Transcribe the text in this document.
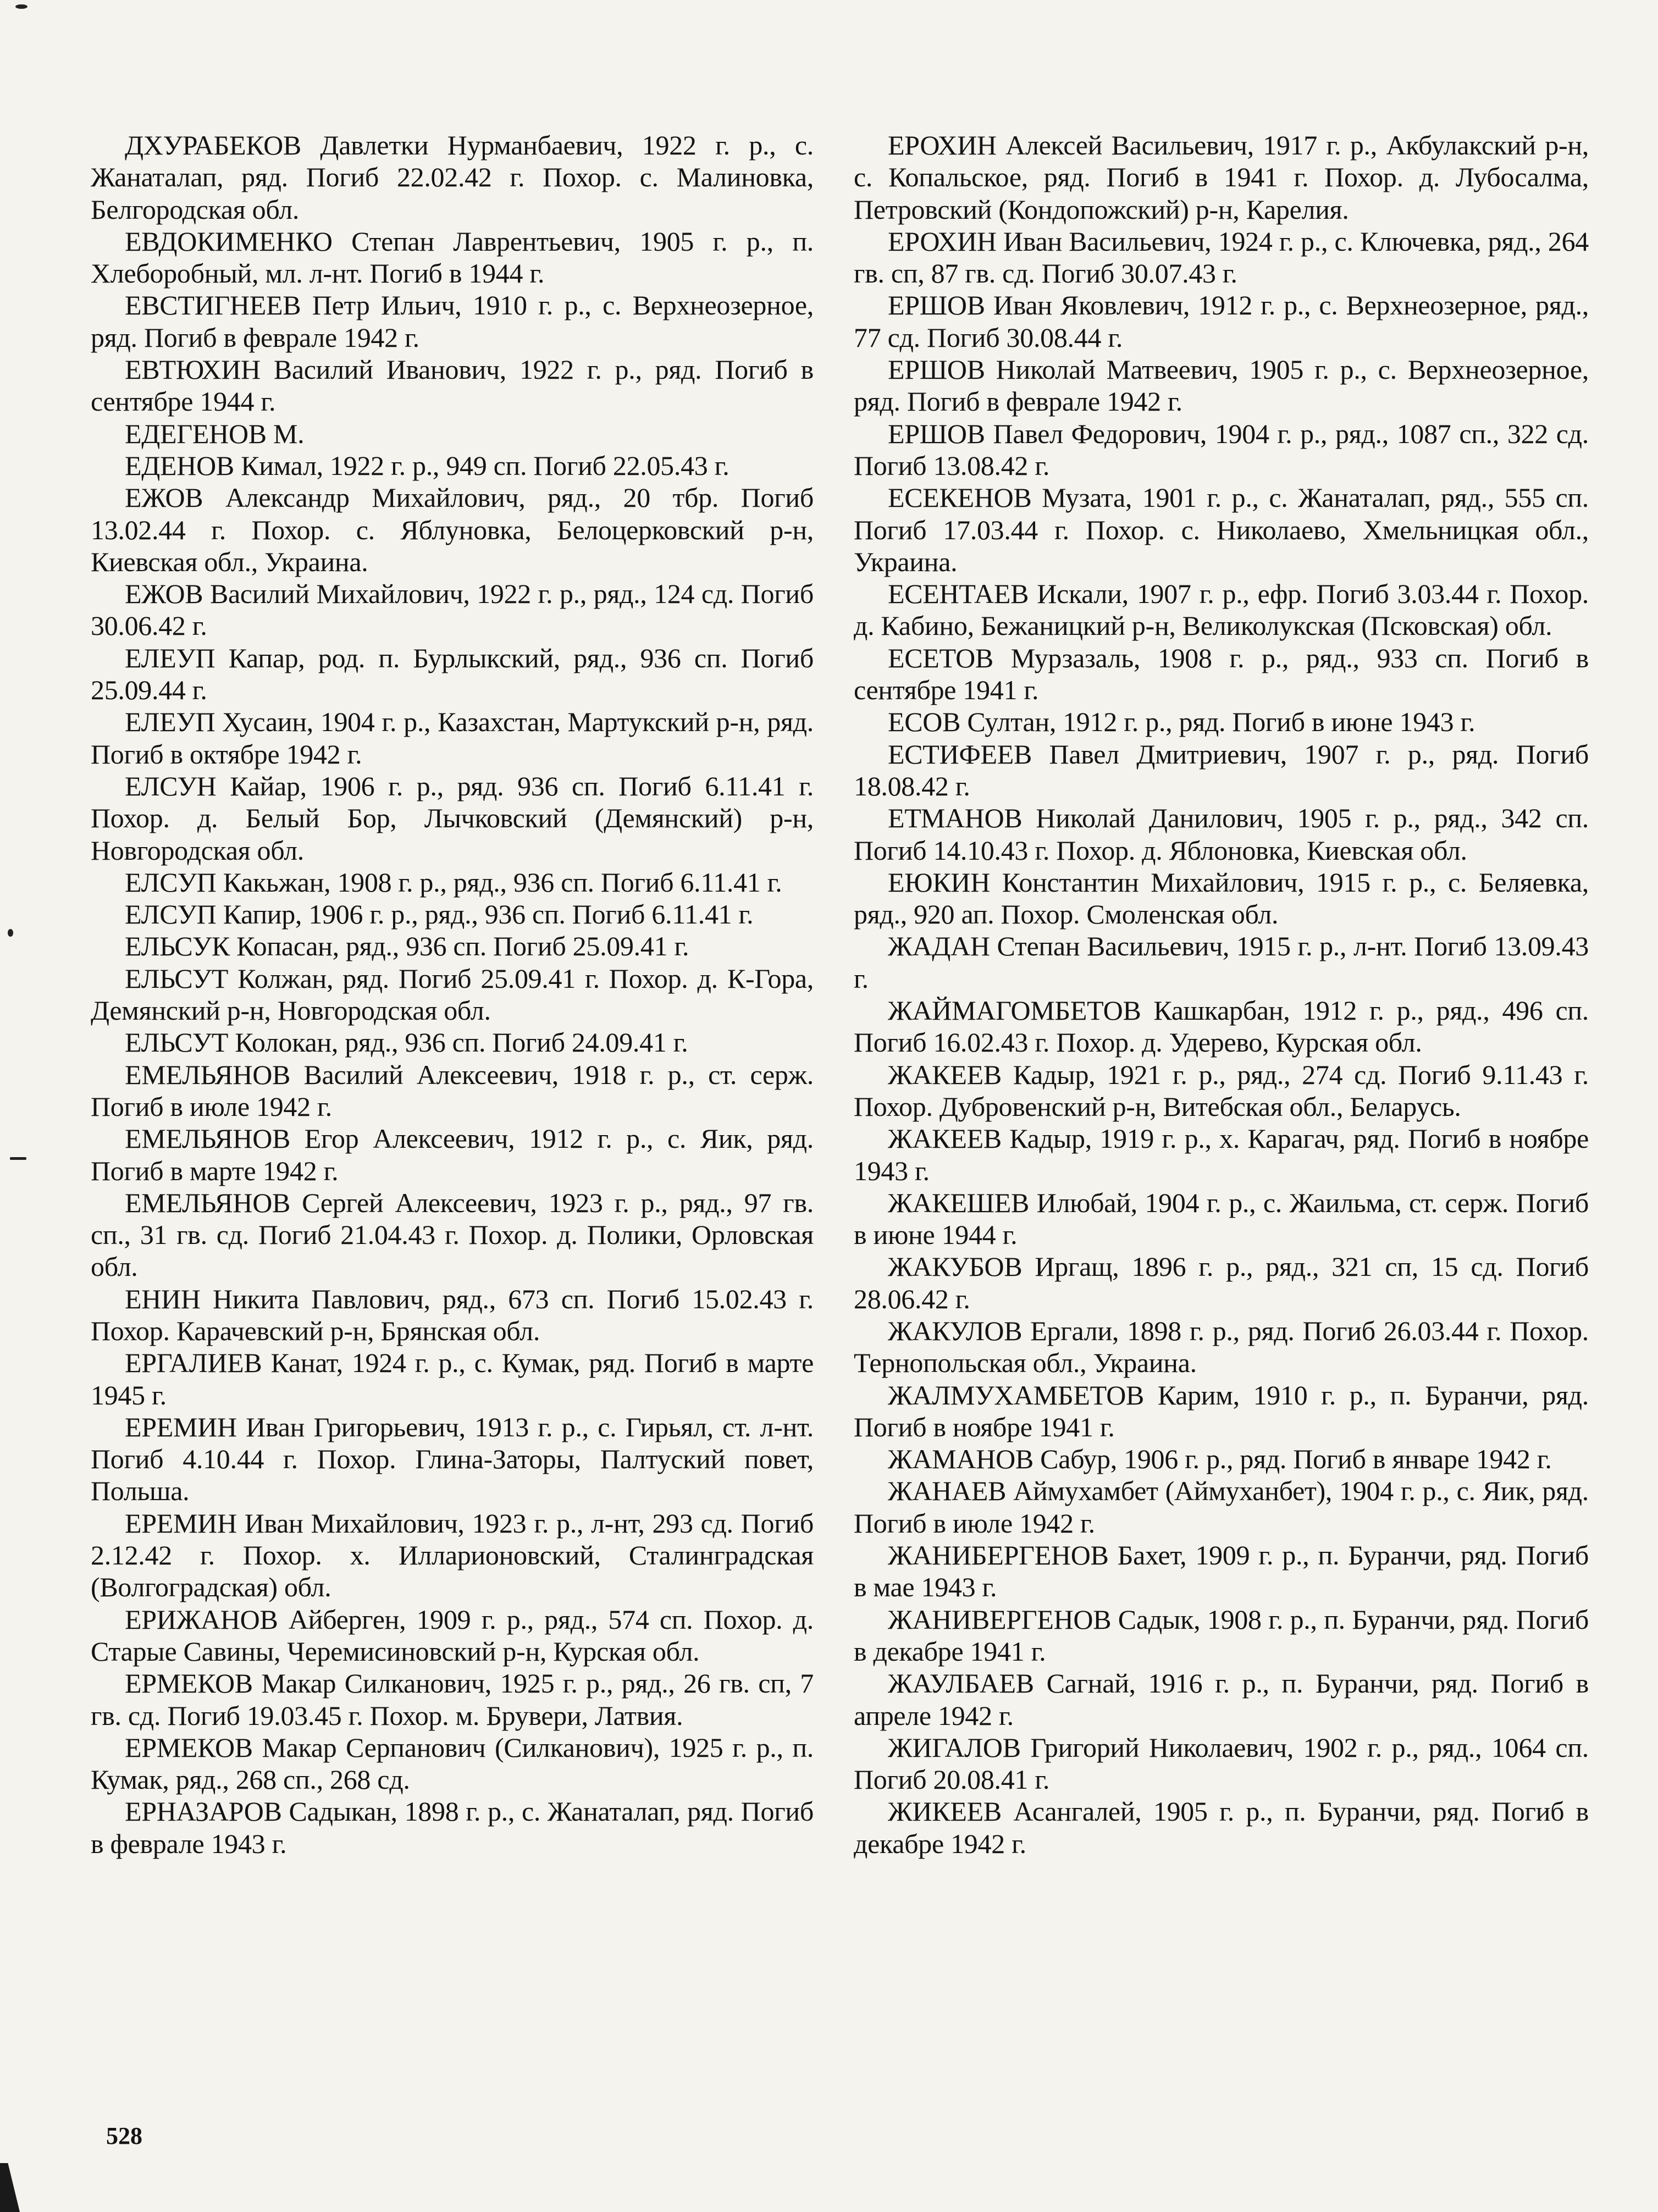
ДХУРАБЕКОВ Давлетки Нурманбаевич, 1922 г. р., с. Жанаталап, ряд. Погиб 22.02.42 г. Похор. с. Малиновка, Белгородская обл.

ЕВДОКИМЕНКО Степан Лаврентьевич, 1905 г. р., п. Хлеборобный, мл. л-нт. Погиб в 1944 г.

ЕВСТИГНЕЕВ Петр Ильич, 1910 г. р., с. Верхнеозерное, ряд. Погиб в феврале 1942 г.

ЕВТЮХИН Василий Иванович, 1922 г. р., ряд. Погиб в сентябре 1944 г.

ЕДЕГЕНОВ М.

ЕДЕНОВ Кимал, 1922 г. р., 949 сп. Погиб 22.05.43 г.

ЕЖОВ Александр Михайлович, ряд., 20 тбр. Погиб 13.02.44 г. Похор. с. Яблуновка, Белоцерковский р-н, Киевская обл., Украина.

ЕЖОВ Василий Михайлович, 1922 г. р., ряд., 124 сд. Погиб 30.06.42 г.

ЕЛЕУП Капар, род. п. Бурлыкский, ряд., 936 сп. Погиб 25.09.44 г.

ЕЛЕУП Хусаин, 1904 г. р., Казахстан, Мартукский р-н, ряд. Погиб в октябре 1942 г.

ЕЛСУН Кайар, 1906 г. р., ряд. 936 сп. Погиб 6.11.41 г. Похор. д. Белый Бор, Лычковский (Демянский) р-н, Новгородская обл.

ЕЛСУП Какьжан, 1908 г. р., ряд., 936 сп. Погиб 6.11.41 г.

ЕЛСУП Капир, 1906 г. р., ряд., 936 сп. Погиб 6.11.41 г.

ЕЛЬСУК Копасан, ряд., 936 сп. Погиб 25.09.41 г.

ЕЛЬСУТ Колжан, ряд. Погиб 25.09.41 г. Похор. д. К-Гора, Демянский р-н, Новгородская обл.

ЕЛЬСУТ Колокан, ряд., 936 сп. Погиб 24.09.41 г.

ЕМЕЛЬЯНОВ Василий Алексеевич, 1918 г. р., ст. серж. Погиб в июле 1942 г.

ЕМЕЛЬЯНОВ Егор Алексеевич, 1912 г. р., с. Яик, ряд. Погиб в марте 1942 г.

ЕМЕЛЬЯНОВ Сергей Алексеевич, 1923 г. р., ряд., 97 гв. сп., 31 гв. сд. Погиб 21.04.43 г. Похор. д. Полики, Орловская обл.

ЕНИН Никита Павлович, ряд., 673 сп. Погиб 15.02.43 г. Похор. Карачевский р-н, Брянская обл.

ЕРГАЛИЕВ Канат, 1924 г. р., с. Кумак, ряд. Погиб в марте 1945 г.

ЕРЕМИН Иван Григорьевич, 1913 г. р., с. Гирьял, ст. л-нт. Погиб 4.10.44 г. Похор. Глина-Заторы, Палтуский повет, Польша.

ЕРЕМИН Иван Михайлович, 1923 г. р., л-нт, 293 сд. Погиб 2.12.42 г. Похор. х. Илларионовский, Сталинградская (Волгоградская) обл.

ЕРИЖАНОВ Айберген, 1909 г. р., ряд., 574 сп. Похор. д. Старые Савины, Черемисиновский р-н, Курская обл.

ЕРМЕКОВ Макар Силканович, 1925 г. р., ряд., 26 гв. сп, 7 гв. сд. Погиб 19.03.45 г. Похор. м. Брувери, Латвия.

ЕРМЕКОВ Макар Серпанович (Силканович), 1925 г. р., п. Кумак, ряд., 268 сп., 268 сд.

ЕРНАЗАРОВ Садыкан, 1898 г. р., с. Жанаталап, ряд. Погиб в феврале 1943 г.

ЕРОХИН Алексей Васильевич, 1917 г. р., Акбулакский р-н, с. Копальское, ряд. Погиб в 1941 г. Похор. д. Лубосалма, Петровский (Кондопожский) р-н, Карелия.

ЕРОХИН Иван Васильевич, 1924 г. р., с. Ключевка, ряд., 264 гв. сп, 87 гв. сд. Погиб 30.07.43 г.

ЕРШОВ Иван Яковлевич, 1912 г. р., с. Верхнеозерное, ряд., 77 сд. Погиб 30.08.44 г.

ЕРШОВ Николай Матвеевич, 1905 г. р., с. Верхнеозерное, ряд. Погиб в феврале 1942 г.

ЕРШОВ Павел Федорович, 1904 г. р., ряд., 1087 сп., 322 сд. Погиб 13.08.42 г.

ЕСЕКЕНОВ Музата, 1901 г. р., с. Жанаталап, ряд., 555 сп. Погиб 17.03.44 г. Похор. с. Николаево, Хмельницкая обл., Украина.

ЕСЕНТАЕВ Искали, 1907 г. р., ефр. Погиб 3.03.44 г. Похор. д. Кабино, Бежаницкий р-н, Великолукская (Псковская) обл.

ЕСЕТОВ Мурзазаль, 1908 г. р., ряд., 933 сп. Погиб в сентябре 1941 г.

ЕСОВ Султан, 1912 г. р., ряд. Погиб в июне 1943 г.

ЕСТИФЕЕВ Павел Дмитриевич, 1907 г. р., ряд. Погиб 18.08.42 г.

ЕТМАНОВ Николай Данилович, 1905 г. р., ряд., 342 сп. Погиб 14.10.43 г. Похор. д. Яблоновка, Киевская обл.

ЕЮКИН Константин Михайлович, 1915 г. р., с. Беляевка, ряд., 920 ап. Похор. Смоленская обл.

ЖАДАН Степан Васильевич, 1915 г. р., л-нт. Погиб 13.09.43 г.

ЖАЙМАГОМБЕТОВ Кашкарбан, 1912 г. р., ряд., 496 сп. Погиб 16.02.43 г. Похор. д. Удерево, Курская обл.

ЖАКЕЕВ Кадыр, 1921 г. р., ряд., 274 сд. Погиб 9.11.43 г. Похор. Дубровенский р-н, Витебская обл., Беларусь.

ЖАКЕЕВ Кадыр, 1919 г. р., х. Карагач, ряд. Погиб в ноябре 1943 г.

ЖАКЕШЕВ Илюбай, 1904 г. р., с. Жаильма, ст. серж. Погиб в июне 1944 г.

ЖАКУБОВ Иргащ, 1896 г. р., ряд., 321 сп, 15 сд. Погиб 28.06.42 г.

ЖАКУЛОВ Ергали, 1898 г. р., ряд. Погиб 26.03.44 г. Похор. Тернопольская обл., Украина.

ЖАЛМУХАМБЕТОВ Карим, 1910 г. р., п. Буранчи, ряд. Погиб в ноябре 1941 г.

ЖАМАНОВ Сабур, 1906 г. р., ряд. Погиб в январе 1942 г.

ЖАНАЕВ Аймухамбет (Аймуханбет), 1904 г. р., с. Яик, ряд. Погиб в июле 1942 г.

ЖАНИБЕРГЕНОВ Бахет, 1909 г. р., п. Буранчи, ряд. Погиб в мае 1943 г.

ЖАНИВЕРГЕНОВ Садык, 1908 г. р., п. Буранчи, ряд. Погиб в декабре 1941 г.

ЖАУЛБАЕВ Сагнай, 1916 г. р., п. Буранчи, ряд. Погиб в апреле 1942 г.

ЖИГАЛОВ Григорий Николаевич, 1902 г. р., ряд., 1064 сп. Погиб 20.08.41 г.

ЖИКЕЕВ Асангалей, 1905 г. р., п. Буранчи, ряд. Погиб в декабре 1942 г.

528
